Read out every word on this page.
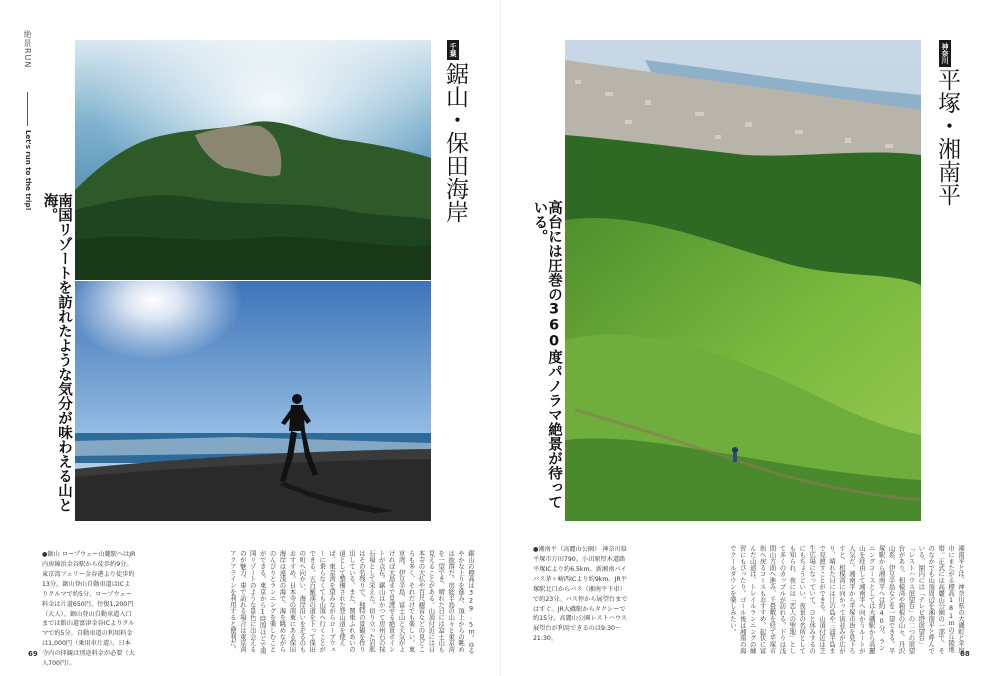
絶景RUN
Let's run to the trip!
千葉
鋸山・保田海岸
南国リゾートを訪れたような気分が味わえる山と海。
鋸山の標高は329.5ｍ。ゆるやかな上りを進み、頂上からの眺めは抜群だ。房総半島の山々と東京湾を一望でき、晴れた日には富士山も見えることがある。山頂付近には日本寺の大仏や百尺観音などの見どころも多く、それだけでも楽しい。東京湾、伊豆半島、富士山と天気がよければ大島まで見渡せる絶景ポイントが点在。鋸山はかつて房州石の採石場として栄えた。切り立った岩肌はその名残りで、独特の景観を作り出している。また、関東ふれあいの道として整備された登山道を使えば、東京湾を望みながらロープウェーに乗らなくても山頂へ行くことができる。五百羅漢の道を下って保田の町へ向かい、海岸沿いを走るのもおすすめ。日本寺の南東にある保田海岸は遠浅の海で、海を眺めながらのんびりとランニングを楽しむことができる。東京から1時間ほどで南国リゾートのような景色に出会えるのが魅力。車で訪れる場合は東京湾アクアラインを利用すると便利だ。
●鋸山 ロープウェー山麓駅へはJR内房線浜金谷駅から徒歩約9分。東京湾フェリー金谷港より徒歩約13分。鋸山登山自動車道はICよりクルマで約5分。ロープウェー料金は片道650円、往復1,200円（大人）。鋸山登山自動車道入口までは館山道富津金谷ICよりクルマで約5分。自動車道の利用料金は1,000円（乗用車片道）。日本寺内の拝観は別途料金が必要（大人700円）。
69
神奈川
平塚・湘南平
高台には圧巻の360度パノラマ絶景が待っている。
湘南平とは、神奈川県の大磯町と平塚市にまたがる標高181ｍの丘陵地帯。正式には高麗山公園の一部で、そのなかでも山頂周辺を湘南平と呼んでいる。園内には「テレビ塔展望台」「レストハウス展望台」の二つの展望台があり、相模湾や箱根の山々、丹沢山系、伊豆半島などを一望できる。平塚駅から湘南平へは約40分。ランニングコースとしては大磯駅から高麗山を経由して湘南平へ向かうルートが人気だ。湘南平から平塚市街を見下ろすと、相模湾に向かって街並みが広がり、晴れた日には江の島や三浦半島まで見渡すことができる。山頂付近は芝生広場になっていて、ひと休みするのにもちょうどいい。夜景の名所としても知られ、夜には「恋人の聖地」として多くのカップルが訪れる。下りは浅間山方面へ進み、千畳敷を経て平塚市街へ戻るコースもおすすめ。起伏に富んだ山道は、トレイルランニングの練習にもぴったり。ゴール後は湘南の海でクールダウンを楽しみたい。
●湘南平（高麗山公園） 神奈川県平塚市万田790。小田原厚木道路平塚ICより約6.5km、新湘南バイパス茅ヶ崎西ICより約9km。JR平塚駅北口からバス（湘南平下車）で約23分。バス停から展望台まではすぐ。JR大磯駅からタクシーで約15分。高麗山公園レストハウス展望台が利用できるのは9:30〜21:30。
68
